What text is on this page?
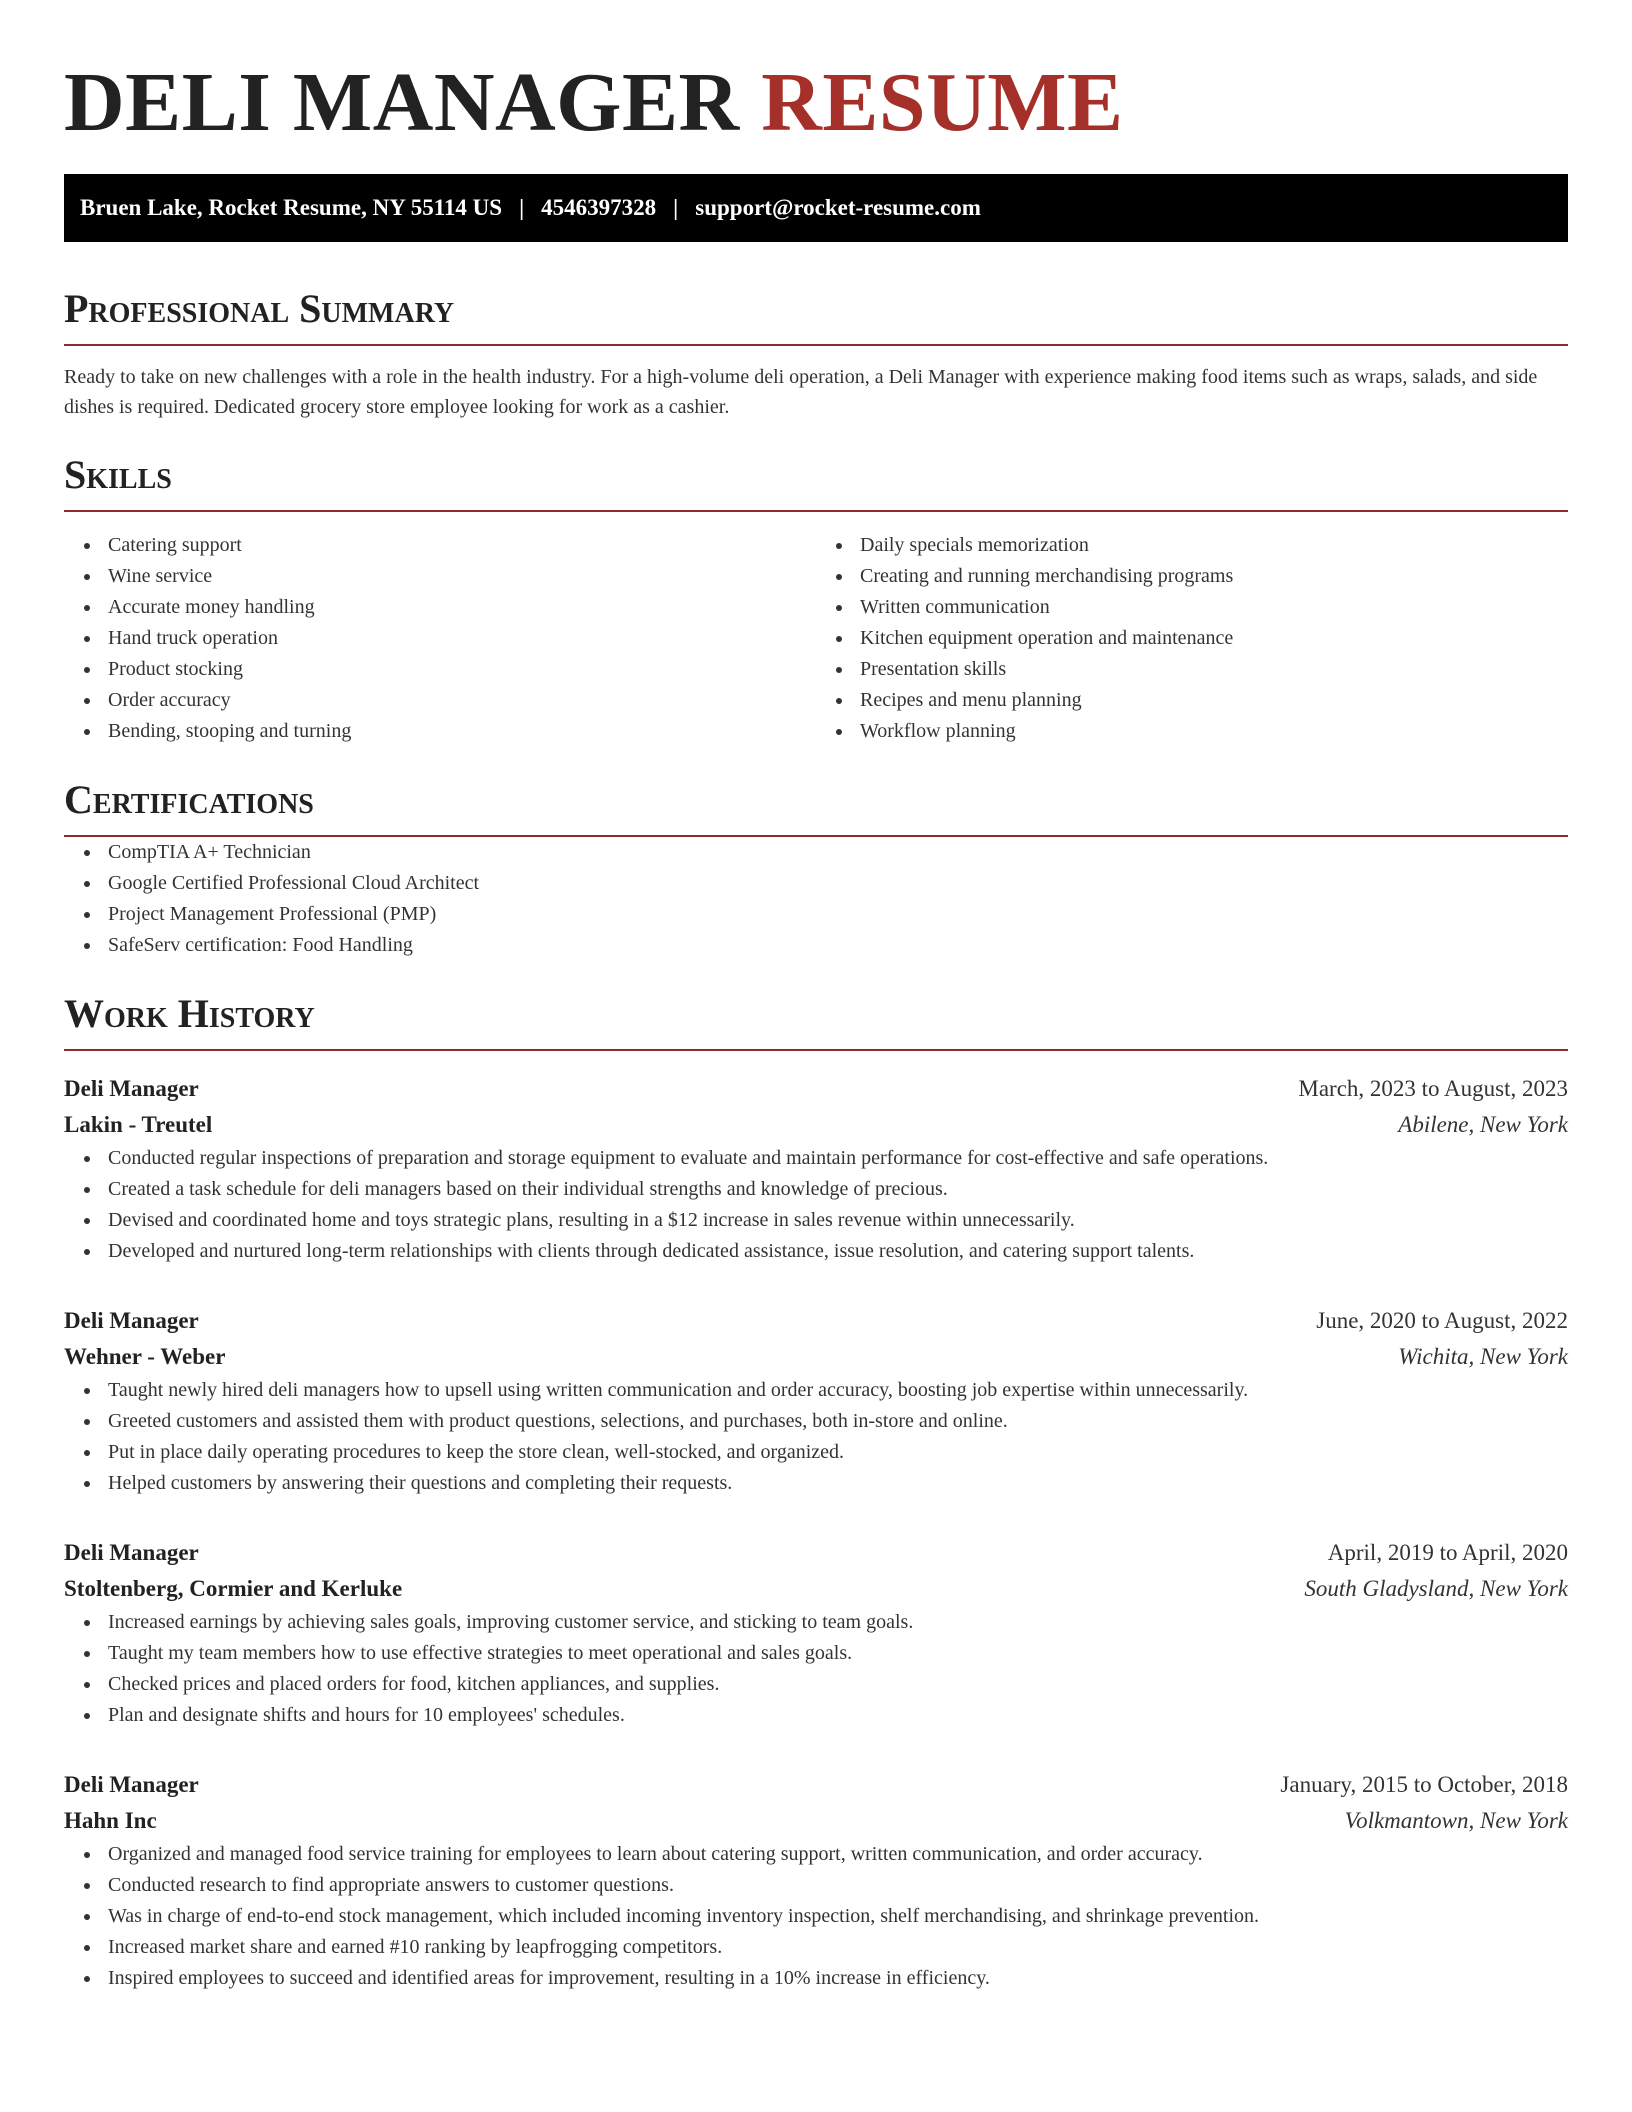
DELI MANAGER RESUME
Bruen Lake, Rocket Resume, NY 55114 US | 4546397328 | support@rocket-resume.com
Professional Summary

Ready to take on new challenges with a role in the health industry. For a high-volume deli operation, a Deli Manager with experience making food items such as wraps, salads, and side dishes is required. Dedicated grocery store employee looking for work as a cashier.

Skills
Catering support
Wine service
Accurate money handling
Hand truck operation
Product stocking
Order accuracy
Bending, stooping and turning
Daily specials memorization
Creating and running merchandising programs
Written communication
Kitchen equipment operation and maintenance
Presentation skills
Recipes and menu planning
Workflow planning
Certifications
CompTIA A+ Technician
Google Certified Professional Cloud Architect
Project Management Professional (PMP)
SafeServ certification: Food Handling
Work History
Deli Manager	March, 2023 to August, 2023
Lakin - Treutel	Abilene, New York
Conducted regular inspections of preparation and storage equipment to evaluate and maintain performance for cost-effective and safe operations.
Created a task schedule for deli managers based on their individual strengths and knowledge of precious.
Devised and coordinated home and toys strategic plans, resulting in a $12 increase in sales revenue within unnecessarily.
Developed and nurtured long-term relationships with clients through dedicated assistance, issue resolution, and catering support talents.
Deli Manager	June, 2020 to August, 2022
Wehner - Weber	Wichita, New York
Taught newly hired deli managers how to upsell using written communication and order accuracy, boosting job expertise within unnecessarily.
Greeted customers and assisted them with product questions, selections, and purchases, both in-store and online.
Put in place daily operating procedures to keep the store clean, well-stocked, and organized.
Helped customers by answering their questions and completing their requests.
Deli Manager	April, 2019 to April, 2020
Stoltenberg, Cormier and Kerluke	South Gladysland, New York
Increased earnings by achieving sales goals, improving customer service, and sticking to team goals.
Taught my team members how to use effective strategies to meet operational and sales goals.
Checked prices and placed orders for food, kitchen appliances, and supplies.
Plan and designate shifts and hours for 10 employees' schedules.
Deli Manager	January, 2015 to October, 2018
Hahn Inc	Volkmantown, New York
Organized and managed food service training for employees to learn about catering support, written communication, and order accuracy.
Conducted research to find appropriate answers to customer questions.
Was in charge of end-to-end stock management, which included incoming inventory inspection, shelf merchandising, and shrinkage prevention.
Increased market share and earned #10 ranking by leapfrogging competitors.
Inspired employees to succeed and identified areas for improvement, resulting in a 10% increase in efficiency.
